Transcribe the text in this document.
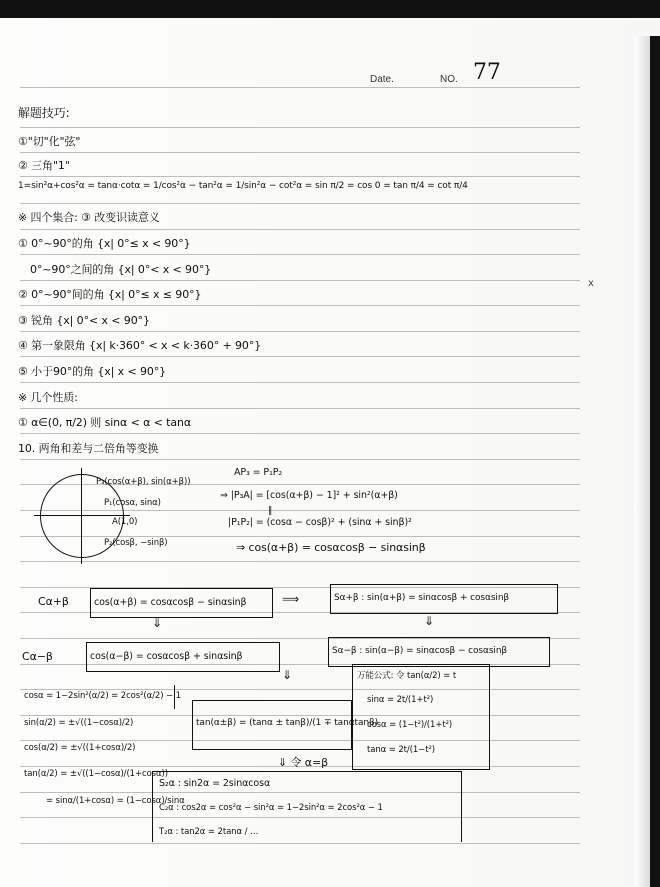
Date.	NO. 77
解题技巧:
①"切"化"弦"
② 三角"1"
1=sin²α+cos²α = tanα·cotα = 1/cos²α − tan²α = 1/sin²α − cot²α = sin π/2 = cos 0 = tan π/4 = cot π/4
※ 四个集合: ③ 改变识读意义
① 0°~90°的角 {x| 0°≤ x < 90°}
0°~90°之间的角 {x| 0°< x < 90°}
② 0°~90°间的角 {x| 0°≤ x ≤ 90°}
③ 锐角 {x| 0°< x < 90°}
④ 第一象限角 {x| k·360° < x < k·360° + 90°}
⑤ 小于90°的角 {x| x < 90°}
※ 几个性质:
① α∈(0, π/2) 则 sinα < α < tanα
10. 两角和差与二倍角等变换
ⅹ
P₃(cos(α+β), sin(α+β))
P₁(cosα, sinα)
A(1,0)
P₂(cosβ, −sinβ)
AP₃ = P₁P₂
⇒ |P₃A| = [cos(α+β) − 1]² + sin²(α+β)
‖
|P₁P₂| = (cosα − cosβ)² + (sinα + sinβ)²
⇒ cos(α+β) = cosαcosβ − sinαsinβ
Cα+β	cos(α+β) = cosαcosβ − sinαsinβ	⟹	Sα+β : sin(α+β) = sinαcosβ + cosαsinβ
⇓	⇓
Cα−β	cos(α−β) = cosαcosβ + sinαsinβ	Sα−β : sin(α−β) = sinαcosβ − cosαsinβ
万能公式: 令 tan(α/2) = t
sinα = 2t/(1+t²)
cosα = (1−t²)/(1+t²)
tanα = 2t/(1−t²)
cosα = 1−2sin²(α/2) = 2cos²(α/2) − 1
sin(α/2) = ±√((1−cosα)/2)
cos(α/2) = ±√((1+cosα)/2)
tan(α/2) = ±√((1−cosα)/(1+cosα))
= sinα/(1+cosα) = (1−cosα)/sinα
⇓
tan(α±β) = (tanα ± tanβ)/(1 ∓ tanαtanβ)
⇓ 令 α=β
S₂α : sin2α = 2sinαcosα
C₂α : cos2α = cos²α − sin²α = 1−2sin²α = 2cos²α − 1
T₂α : tan2α = 2tanα / …
